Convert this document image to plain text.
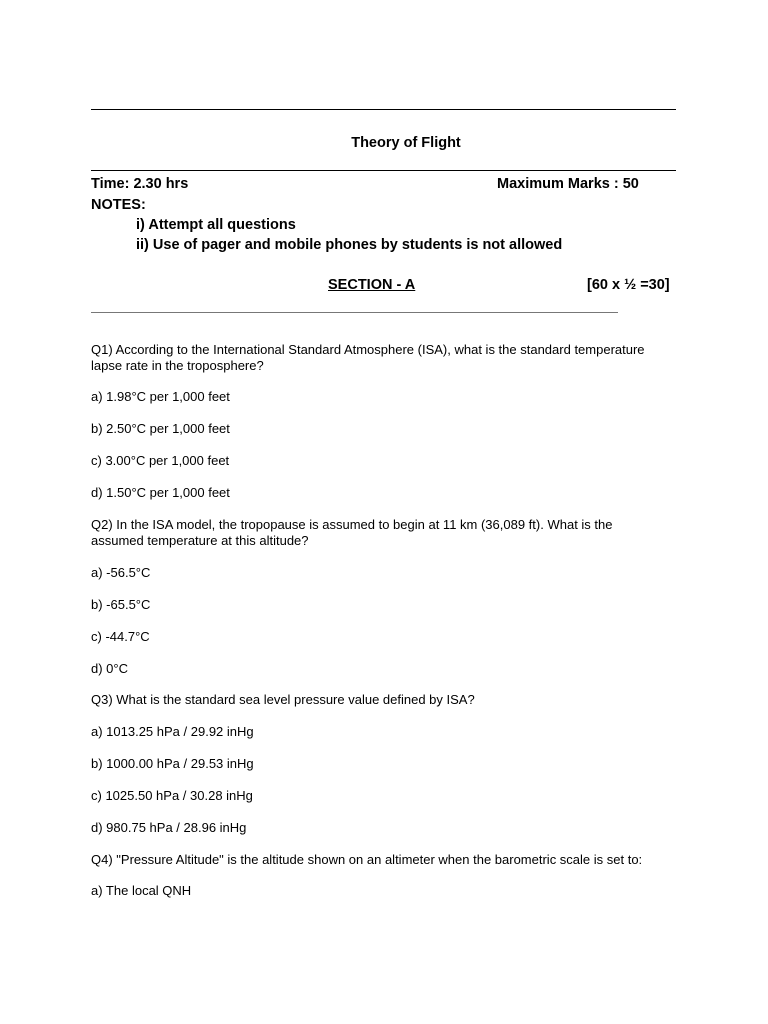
Theory of Flight
Time: 2.30 hrs	Maximum Marks : 50
NOTES:
i) Attempt all questions
ii) Use of pager and mobile phones by students is not allowed
SECTION - A	[60 x ½ =30]
Q1) According to the International Standard Atmosphere (ISA), what is the standard temperature lapse rate in the troposphere?
a) 1.98°C per 1,000 feet
b) 2.50°C per 1,000 feet
c) 3.00°C per 1,000 feet
d) 1.50°C per 1,000 feet
Q2) In the ISA model, the tropopause is assumed to begin at 11 km (36,089 ft). What is the assumed temperature at this altitude?
a) -56.5°C
b) -65.5°C
c) -44.7°C
d) 0°C
Q3) What is the standard sea level pressure value defined by ISA?
a) 1013.25 hPa / 29.92 inHg
b) 1000.00 hPa / 29.53 inHg
c) 1025.50 hPa / 30.28 inHg
d) 980.75 hPa / 28.96 inHg
Q4) "Pressure Altitude" is the altitude shown on an altimeter when the barometric scale is set to:
a) The local QNH
